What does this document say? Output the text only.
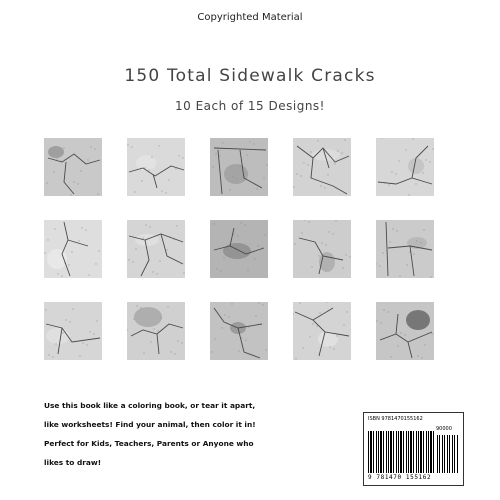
Copyrighted Material
150 Total Sidewalk Cracks
10 Each of 15 Designs!
Use this book like a coloring book, or tear it apart,
like worksheets! Find your animal, then color it in!
Perfect for Kids, Teachers, Parents or Anyone who
likes to draw!
ISBN 9781470155162
90000
9 781470 155162
